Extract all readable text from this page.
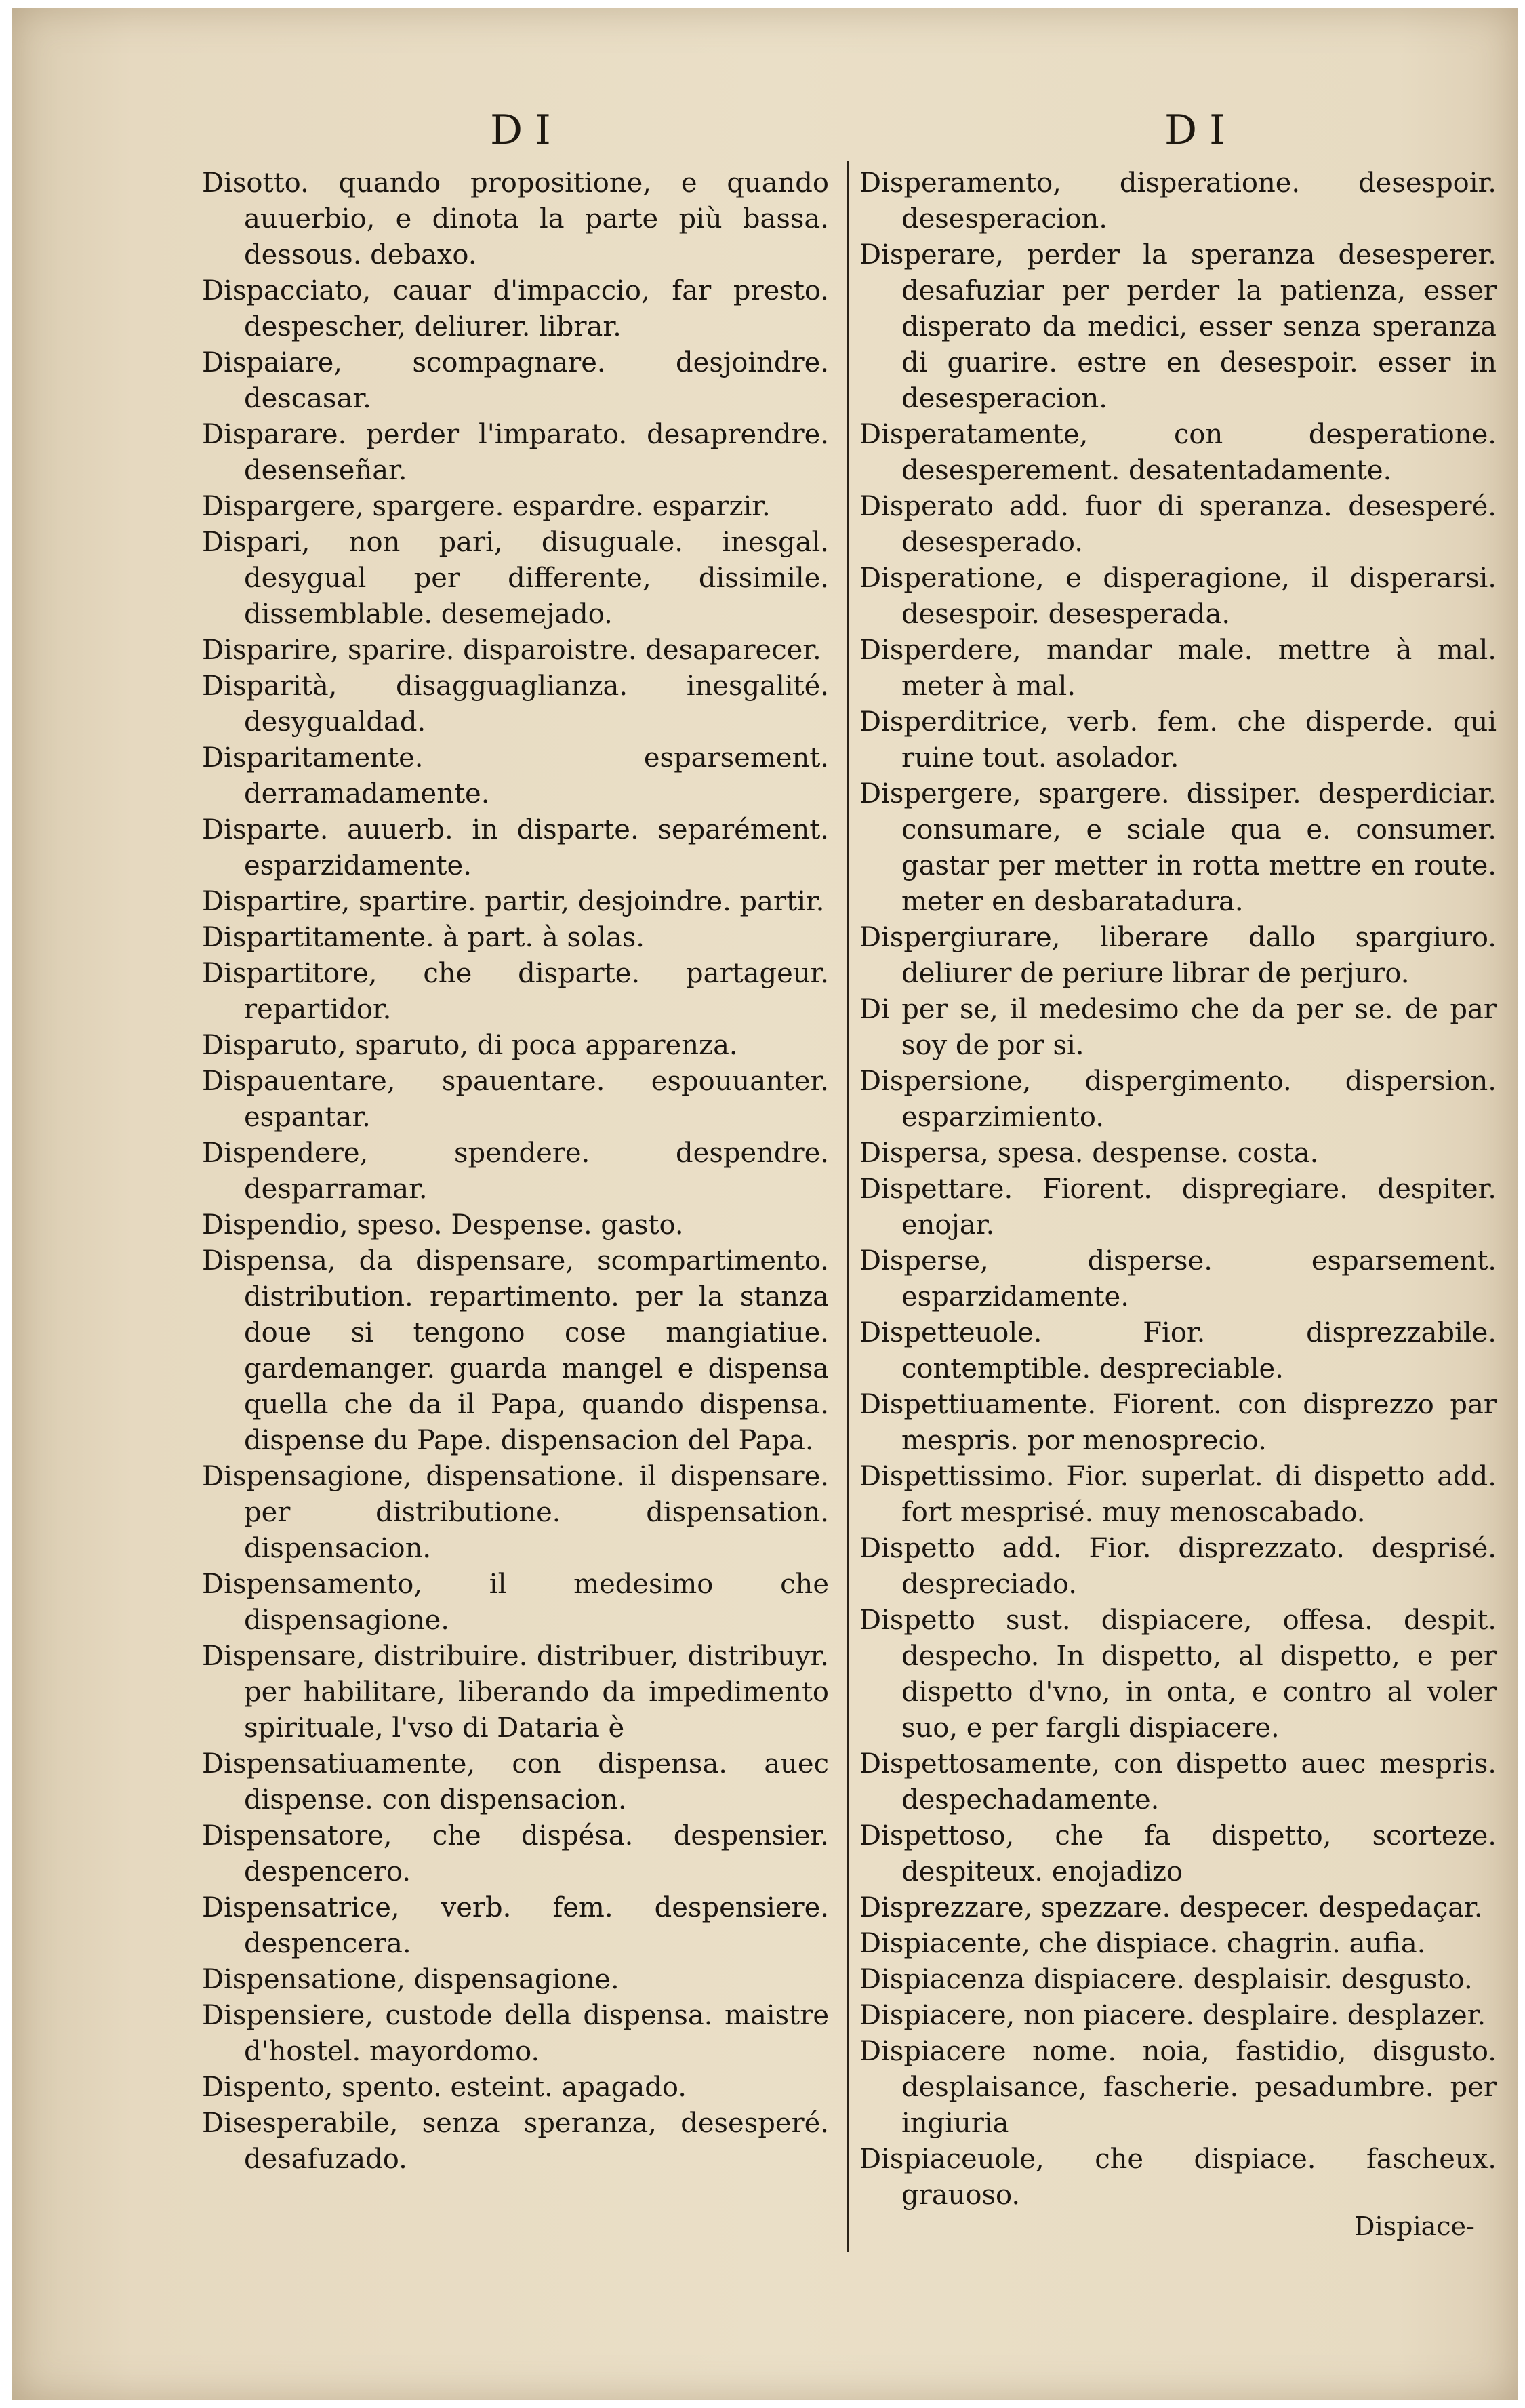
DI	DI

Disotto. quando propositione, e quando auuerbio, e dinota la parte più bassa. dessous. debaxo.

Dispacciato, cauar d'impaccio, far presto. despescher, deliurer. librar.

Dispaiare, scompagnare. desjoindre. descasar.

Disparare. perder l'imparato. desaprendre. desenseñar.

Dispargere, spargere. espardre. esparzir.

Dispari, non pari, disuguale. inesgal. desygual per differente, dissimile. dissemblable. desemejado.

Disparire, sparire. disparoistre. desaparecer.

Disparità, disagguaglianza. inesgalité. desygualdad.

Disparitamente. esparsement. derramadamente.

Disparte. auuerb. in disparte. separément. esparzidamente.

Dispartire, spartire. partir, desjoindre. partir.

Dispartitamente. à part. à solas.

Dispartitore, che disparte. partageur. repartidor.

Disparuto, sparuto, di poca apparenza.

Dispauentare, spauentare. espouuanter. espantar.

Dispendere, spendere. despendre. desparramar.

Dispendio, speso. Despense. gasto.

Dispensa, da dispensare, scompartimento. distribution. repartimento. per la stanza doue si tengono cose mangiatiue. gardemanger. guarda mangel e dispensa quella che da il Papa, quando dispensa. dispense du Pape. dispensacion del Papa.

Dispensagione, dispensatione. il dispensare. per distributione. dispensation. dispensacion.

Dispensamento, il medesimo che dispensagione.

Dispensare, distribuire. distribuer, distribuyr. per habilitare, liberando da impedimento spirituale, l'vso di Dataria è

Dispensatiuamente, con dispensa. auec dispense. con dispensacion.

Dispensatore, che dispésa. despensier. despencero.

Dispensatrice, verb. fem. despensiere. despencera.

Dispensatione, dispensagione.

Dispensiere, custode della dispensa. maistre d'hostel. mayordomo.

Dispento, spento. esteint. apagado.

Disesperabile, senza speranza, desesperé. desafuzado.

Disperamento, disperatione. desespoir. desesperacion.

Disperare, perder la speranza desesperer. desafuziar per perder la patienza, esser disperato da medici, esser senza speranza di guarire. estre en desespoir. esser in desesperacion.

Disperatamente, con desperatione. desesperement. desatentadamente.

Disperato add. fuor di speranza. desesperé. desesperado.

Disperatione, e disperagione, il disperarsi. desespoir. desesperada.

Disperdere, mandar male. mettre à mal. meter à mal.

Disperditrice, verb. fem. che disperde. qui ruine tout. asolador.

Dispergere, spargere. dissiper. desperdiciar. consumare, e sciale qua e. consumer. gastar per metter in rotta mettre en route. meter en desbaratadura.

Dispergiurare, liberare dallo spargiuro. deliurer de periure librar de perjuro.

Di per se, il medesimo che da per se. de par soy de por si.

Dispersione, dispergimento. dispersion. esparzimiento.

Dispersa, spesa. despense. costa.

Dispettare. Fiorent. dispregiare. despiter. enojar.

Disperse, disperse. esparsement. esparzidamente.

Dispetteuole. Fior. disprezzabile. contemptible. despreciable.

Dispettiuamente. Fiorent. con disprezzo par mespris. por menosprecio.

Dispettissimo. Fior. superlat. di dispetto add. fort mesprisé. muy menoscabado.

Dispetto add. Fior. disprezzato. desprisé. despreciado.

Dispetto sust. dispiacere, offesa. despit. despecho. In dispetto, al dispetto, e per dispetto d'vno, in onta, e contro al voler suo, e per fargli dispiacere.

Dispettosamente, con dispetto auec mespris. despechadamente.

Dispettoso, che fa dispetto, scorteze. despiteux. enojadizo

Disprezzare, spezzare. despecer. despedaçar.

Dispiacente, che dispiace. chagrin. aufia.

Dispiacenza dispiacere. desplaisir. desgusto.

Dispiacere, non piacere. desplaire. desplazer.

Dispiacere nome. noia, fastidio, disgusto. desplaisance, fascherie. pesadumbre. per ingiuria

Dispiaceuole, che dispiace. fascheux. grauoso.

Dispiace-
